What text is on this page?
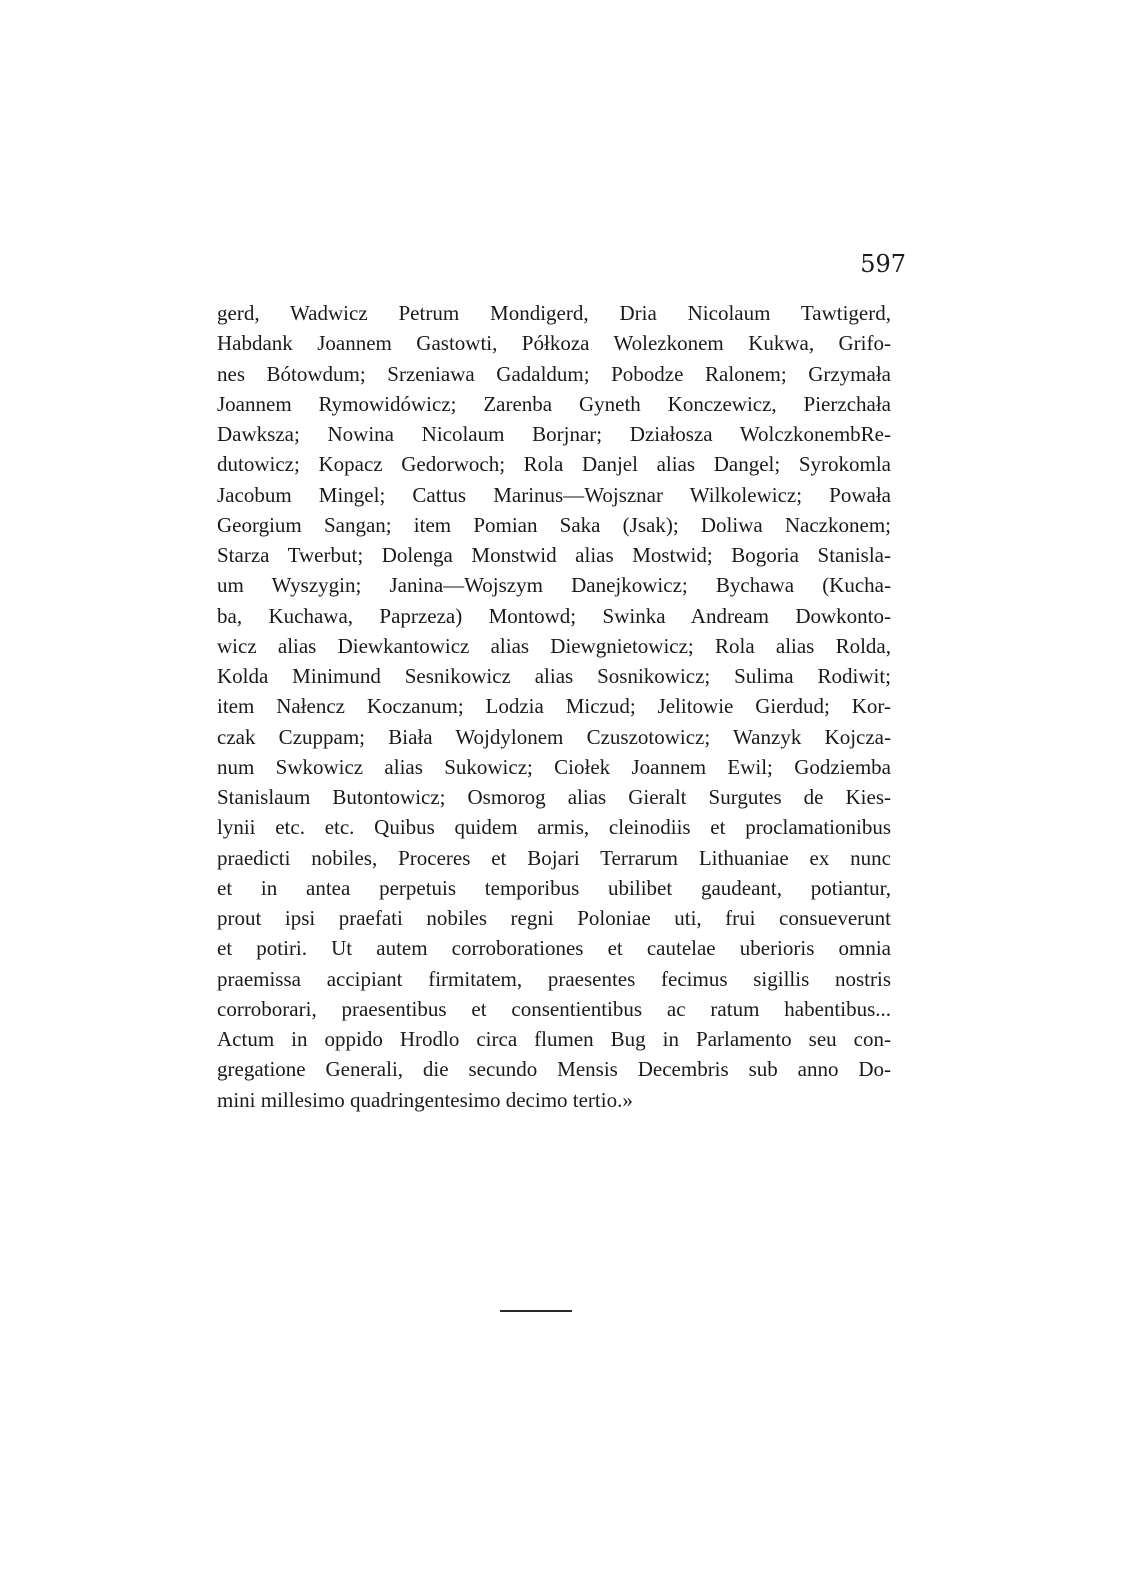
597
gerd, Wadwicz Petrum Mondigerd, Dria Nicolaum Tawtigerd,
Habdank Joannem Gastowti, Półkoza Wolezkonem Kukwa, Grifo-
nes Bótowdum; Srzeniawa Gadaldum; Pobodze Ralonem; Grzymała
Joannem Rymowidówicz; Zarenba Gyneth Konczewicz, Pierzchała
Dawksza; Nowina Nicolaum Borjnar; Działosza WolczkonembRe-
dutowicz; Kopacz Gedorwoch; Rola Danjel alias Dangel; Syrokomla
Jacobum Mingel; Cattus Marinus—Wojsznar Wilkolewicz; Powała
Georgium Sangan; item Pomian Saka (Jsak); Doliwa Naczkonem;
Starza Twerbut; Dolenga Monstwid alias Mostwid; Bogoria Stanisla-
um Wyszygin; Janina—Wojszym Danejkowicz; Bychawa (Kucha-
ba, Kuchawa, Paprzeza) Montowd; Swinka Andream Dowkonto-
wicz alias Diewkantowicz alias Diewgnietowicz; Rola alias Rolda,
Kolda Minimund Sesnikowicz alias Sosnikowicz; Sulima Rodiwit;
item Nałencz Koczanum; Lodzia Miczud; Jelitowie Gierdud; Kor-
czak Czuppam; Biała Wojdylonem Czuszotowicz; Wanzyk Kojcza-
num Swkowicz alias Sukowicz; Ciołek Joannem Ewil; Godziemba
Stanislaum Butontowicz; Osmorog alias Gieralt Surgutes de Kies-
lynii etc. etc. Quibus quidem armis, cleinodiis et proclamationibus
praedicti nobiles, Proceres et Bojari Terrarum Lithuaniae ex nunc
et in antea perpetuis temporibus ubilibet gaudeant, potiantur,
prout ipsi praefati nobiles regni Poloniae uti, frui consueverunt
et potiri. Ut autem corroborationes et cautelae uberioris omnia
praemissa accipiant firmitatem, praesentes fecimus sigillis nostris
corroborari, praesentibus et consentientibus ac ratum habentibus...
Actum in oppido Hrodlo circa flumen Bug in Parlamento seu con-
gregatione Generali, die secundo Mensis Decembris sub anno Do-
mini millesimo quadringentesimo decimo tertio.»
